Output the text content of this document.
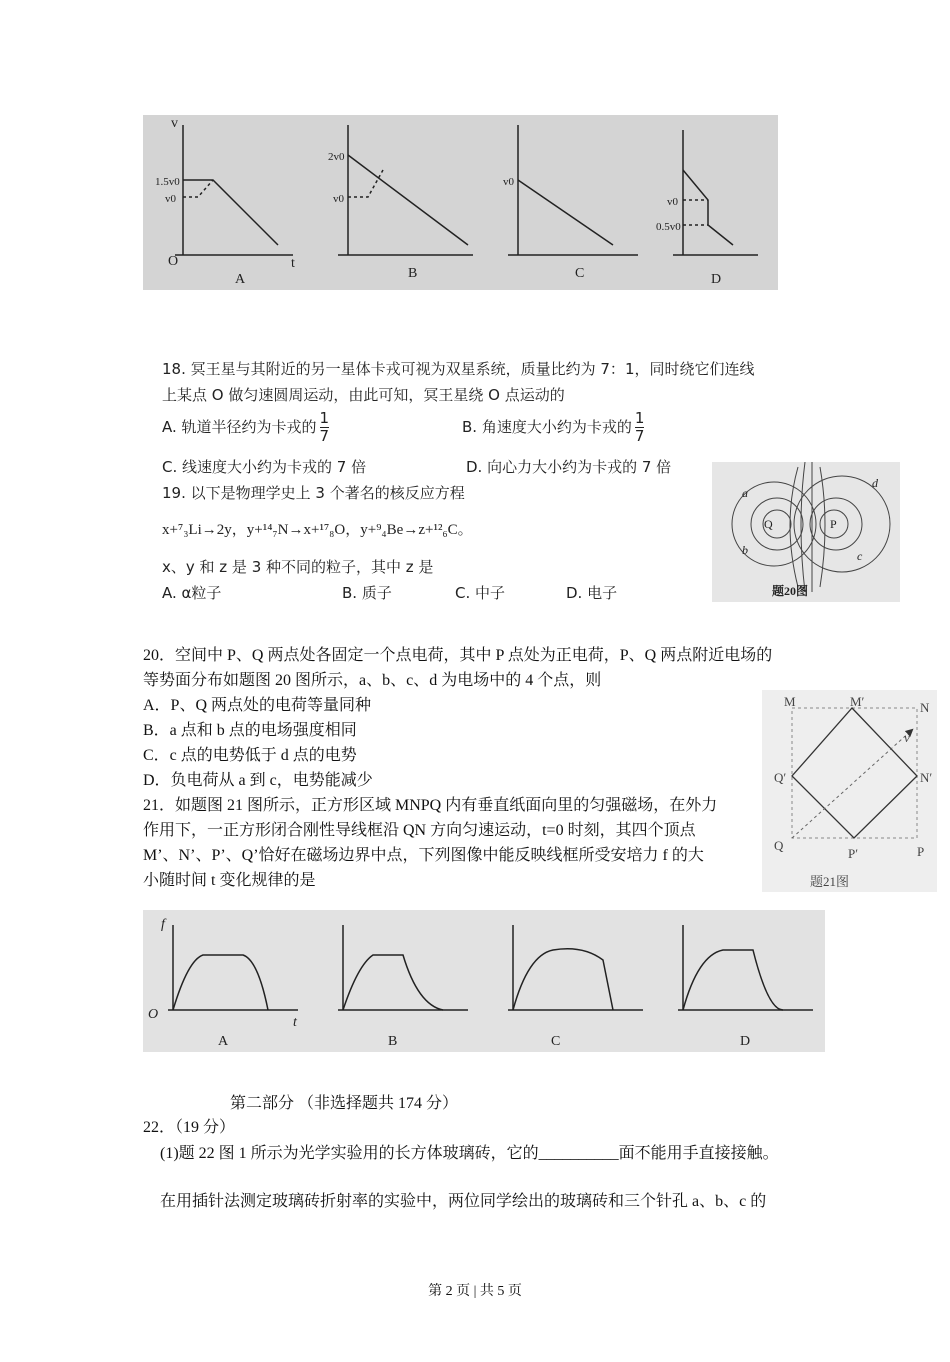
v
t
O
1.5v0
v0
2v0
v0
v0
v0
0.5v0
A	B	C	D
18. 冥王星与其附近的另一星体卡戎可视为双星系统，质量比约为 7：1，同时绕它们连线
上某点 O 做匀速圆周运动，由此可知，冥王星绕 O 点运动的
A. 轨道半径约为卡戎的 $\frac{1}{7}$	B. 角速度大小约为卡戎的 $\frac{1}{7}$
C. 线速度大小约为卡戎的 7 倍	D. 向心力大小约为卡戎的 7 倍
19. 以下是物理学史上 3 个著名的核反应方程
x+⁷₃Li→2y，y+¹⁴₇N→x+¹⁷₈O，y+⁹₄Be→z+¹²₆C。
x、y 和 z 是 3 种不同的粒子，其中 z 是
A. α粒子	B. 质子	C. 中子	D. 电子
a
b	c
d
Q	P
题20图
20．空间中 P、Q 两点处各固定一个点电荷，其中 P 点处为正电荷，P、Q 两点附近电场的
等势面分布如题图 20 图所示，a、b、c、d 为电场中的 4 个点，则
A．P、Q 两点处的电荷等量同种
B．a 点和 b 点的电场强度相同
C．c 点的电势低于 d 点的电势
D．负电荷从 a 到 c，电势能减少
21．如题图 21 图所示，正方形区域 MNPQ 内有垂直纸面向里的匀强磁场，在外力
作用下，一正方形闭合刚性导线框沿 QN 方向匀速运动，t=0 时刻，其四个顶点
M’、N’、P’、Q’恰好在磁场边界中点，下列图像中能反映线框所受安培力 f 的大
小随时间 t 变化规律的是
M	M′	N
Q′	N′
Q
P′	P
v
题21图
f
t
O
A	B	C	D
第二部分 （非选择题共 174 分）
22．（19 分）
(1)题 22 图 1 所示为光学实验用的长方体玻璃砖，它的__________面不能用手直接接触。
在用插针法测定玻璃砖折射率的实验中，两位同学绘出的玻璃砖和三个针孔 a、b、c 的
第 2 页 | 共 5 页
